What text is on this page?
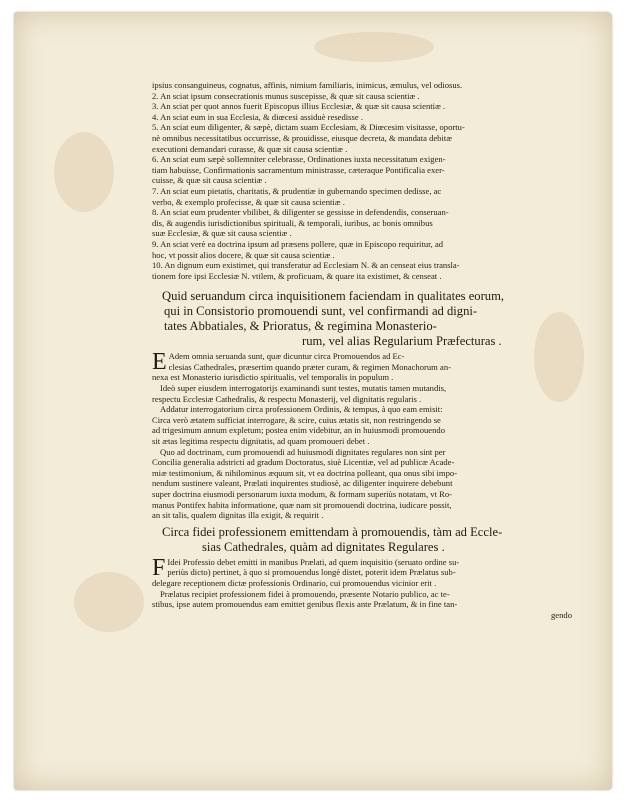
ipsius consanguineus, cognatus, affinis, nimium familiaris, inimicus, æmulus, vel odiosus.
2. An sciat ipsum consecrationis munus suscepisse, & quæ sit causa scientiæ .
3. An sciat per quot annos fuerit Episcopus illius Ecclesiæ, & quæ sit causa scientiæ .
4. An sciat eum in sua Ecclesia, & diœcesi assiduè resedisse .
5. An sciat eum diligenter, & sæpè, dictam suam Ecclesiam, & Diœcesim visitasse, oportu-
nè omnibus necessitatibus occurrisse, & prouidisse, eiusque decreta, & mandata debitæ
executioni demandari curasse, & quæ sit causa scientiæ .
6. An sciat eum sæpè sollemniter celebrasse, Ordinationes iuxta necessitatum exigen-
tiam habuisse, Confirmationis sacramentum ministrasse, cæteraque Pontificalia exer-
cuisse, & quæ sit causa scientiæ .
7. An sciat eum pietatis, charitatis, & prudentiæ in gubernando specimen dedisse, ac
verbo, & exemplo profecisse, & quæ sit causa scientiæ .
8. An sciat eum prudenter vbilibet, & diligenter se gessisse in defendendis, conseruan-
dis, & augendis iurisdictionibus spirituali, & temporali, iuribus, ac bonis omnibus
suæ Ecclesiæ, & quæ sit causa scientiæ .
9. An sciat verè ea doctrina ipsum ad præsens pollere, quæ in Episcopo requiritur, ad
hoc, vt possit alios docere, & quæ sit causa scientiæ .
10. An dignum eum existimet, qui transferatur ad Ecclesiam N. & an censeat eius transla-
tionem fore ipsi Ecclesiæ N. vtilem, & proficuam, & quare ita existimet, & censeat .
Quid seruandum circa inquisitionem faciendam in qualitates eorum,
qui in Consistorio promouendi sunt, vel confirmandi ad digni-
tates Abbatiales, & Prioratus, & regimina Monasterio-
rum, vel alias Regularium Præfecturas .
E Adem omnia seruanda sunt, quæ dicuntur circa Promouendos ad Ec-
clesias Cathedrales, præsertim quando præter curam, & regimen Monachorum an-
nexa est Monasterio iurisdictio spiritualis, vel temporalis in populum .
Ideò super eiusdem interrogatorijs examinandi sunt testes, mutatis tamen mutandis,
respectu Ecclesiæ Cathedralis, & respectu Monasterij, vel dignitatis regularis .
Addatur interrogatorium circa professionem Ordinis, & tempus, à quo eam emisit:
Circa verò ætatem sufficiat interrogare, & scire, cuius ætatis sit, non restringendo se
ad trigesimum annum expletum; postea enim videbitur, an in huiusmodi promouendo
sit ætas legitima respectu dignitatis, ad quam promoueri debet .
Quo ad doctrinam, cum promouendi ad huiusmodi dignitates regulares non sint per
Concilia generalia adstricti ad gradum Doctoratus, siuè Licentiæ, vel ad publicæ Acade-
miæ testimonium, & nihilominus æquum sit, vt ea doctrina polleant, qua onus sibi impo-
nendum sustinere valeant, Prælati inquirentes studiosè, ac diligenter inquirere debebunt
super doctrina eiusmodi personarum iuxta modum, & formam superiùs notatam, vt Ro-
manus Pontifex habita informatione, quæ nam sit promouendi doctrina, iudicare possit,
an sit talis, qualem dignitas illa exigit, & requirit .
Circa fidei professionem emittendam à promouendis, tàm ad Eccle-
sias Cathedrales, quàm ad dignitates Regulares .
F Idei Professio debet emitti in manibus Prælati, ad quem inquisitio (seruato ordine su-
periùs dicto) pertinet, à quo si promouendus longè distet, poterit idem Prælatus sub-
delegare receptionem dictæ professionis Ordinario, cui promouendus vicinior erit .
Prælatus recipiet professionem fidei à promouendo, præsente Notario publico, ac te-
stibus, ipse autem promouendus eam emittet genibus flexis ante Prælatum, & in fine tan-
gendo
